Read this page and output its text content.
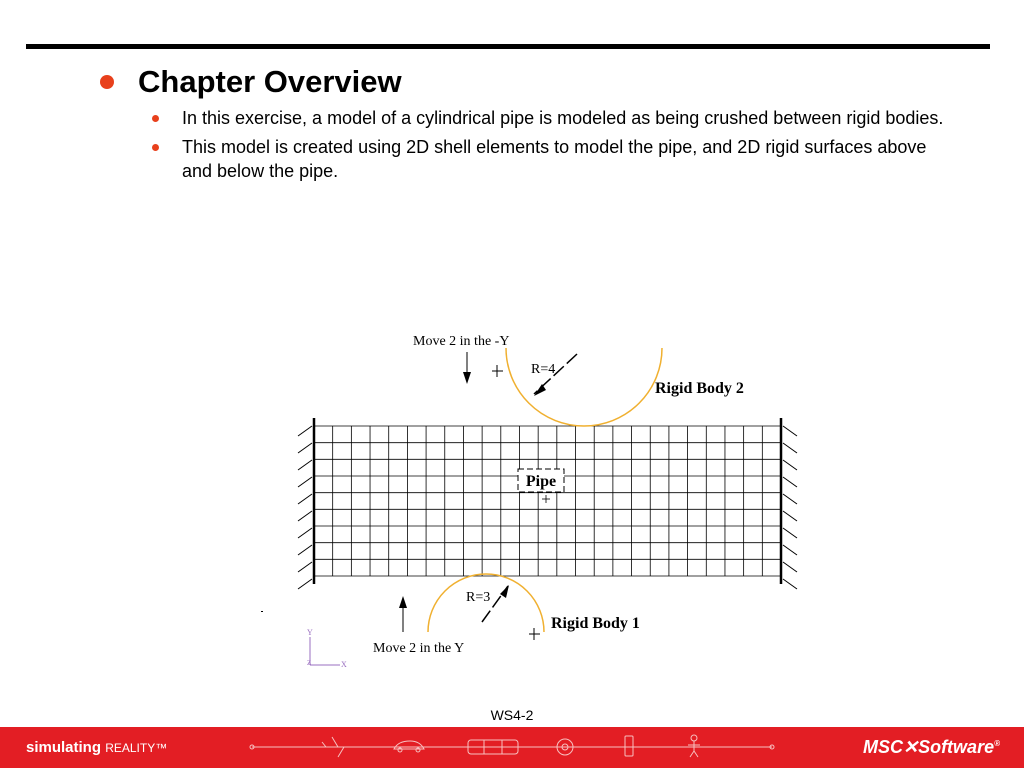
Chapter Overview
In this exercise, a model of a cylindrical pipe is modeled as being crushed between rigid bodies.
This model is created using 2D shell elements to model the pipe, and 2D rigid surfaces above and below the pipe.
Pipe
Move 2 in the -Y
R=4
Rigid Body 2
R=3
Rigid Body 1
Move 2 in the Y
Y
X
Z
WS4-2
simulating REALITY™	MSC✕Software®
